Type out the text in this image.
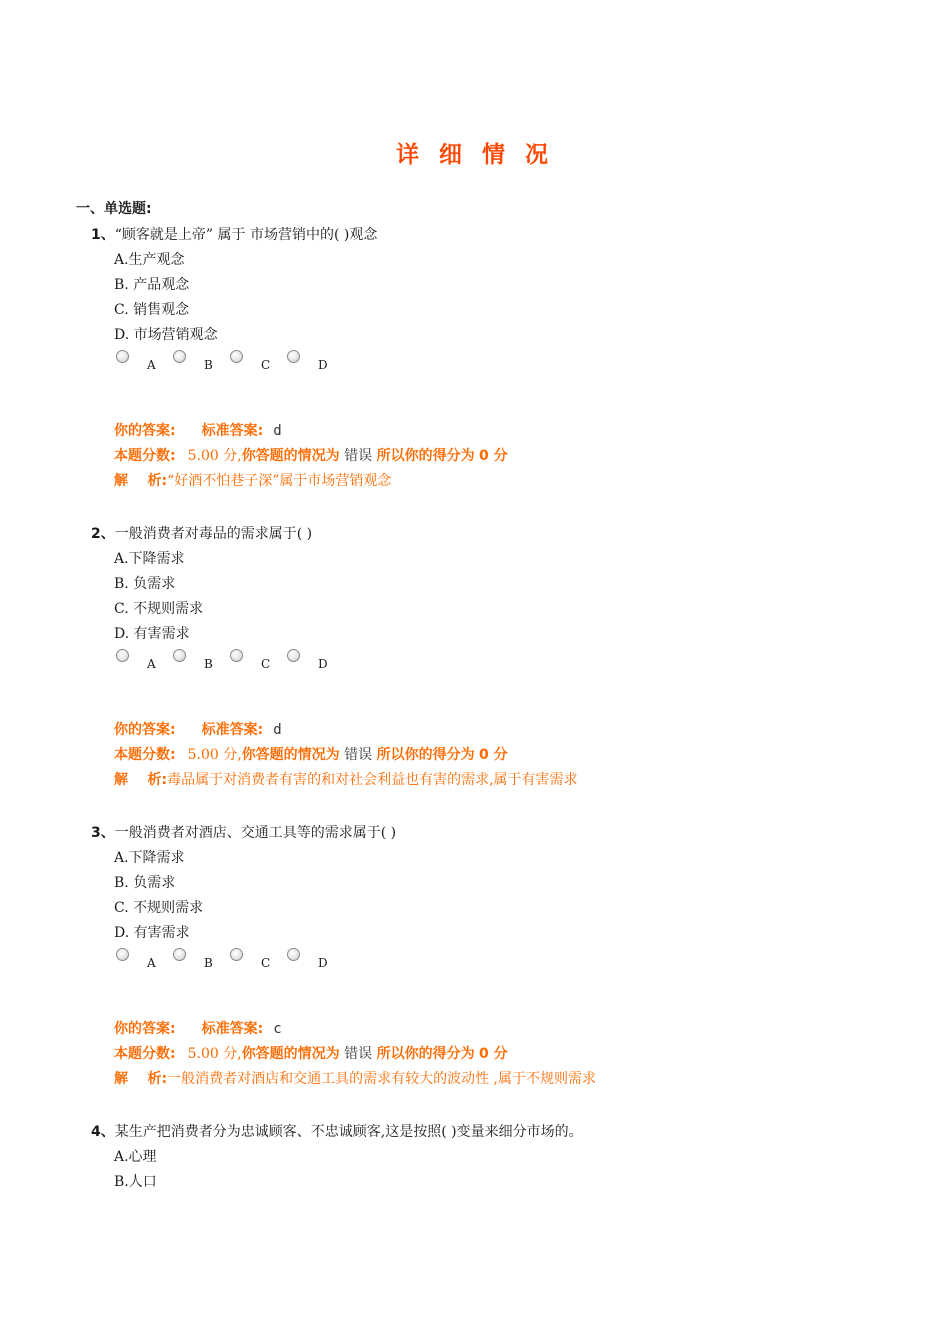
详 细 情 况
一、单选题:
1、“顾客就是上帝” 属于 市场营销中的( )观念
A.生产观念
B. 产品观念
C. 销售观念
D. 市场营销观念
A	B	C	D
你的答案: 标准答案: d
本题分数: 5.00 分,你答题的情况为 错误 所以你的得分为 0 分
解    析:“好酒不怕巷子深”属于市场营销观念
2、一般消费者对毒品的需求属于( )
A.下降需求
B. 负需求
C. 不规则需求
D. 有害需求
A	B	C	D
你的答案: 标准答案: d
本题分数: 5.00 分,你答题的情况为 错误 所以你的得分为 0 分
解    析:毒品属于对消费者有害的和对社会利益也有害的需求,属于有害需求
3、一般消费者对酒店、交通工具等的需求属于( )
A.下降需求
B. 负需求
C. 不规则需求
D. 有害需求
A	B	C	D
你的答案: 标准答案: c
本题分数: 5.00 分,你答题的情况为 错误 所以你的得分为 0 分
解    析:一般消费者对酒店和交通工具的需求有较大的波动性 ,属于不规则需求
4、某生产把消费者分为忠诚顾客、不忠诚顾客,这是按照( )变量来细分市场的。
A.心理
B.人口
